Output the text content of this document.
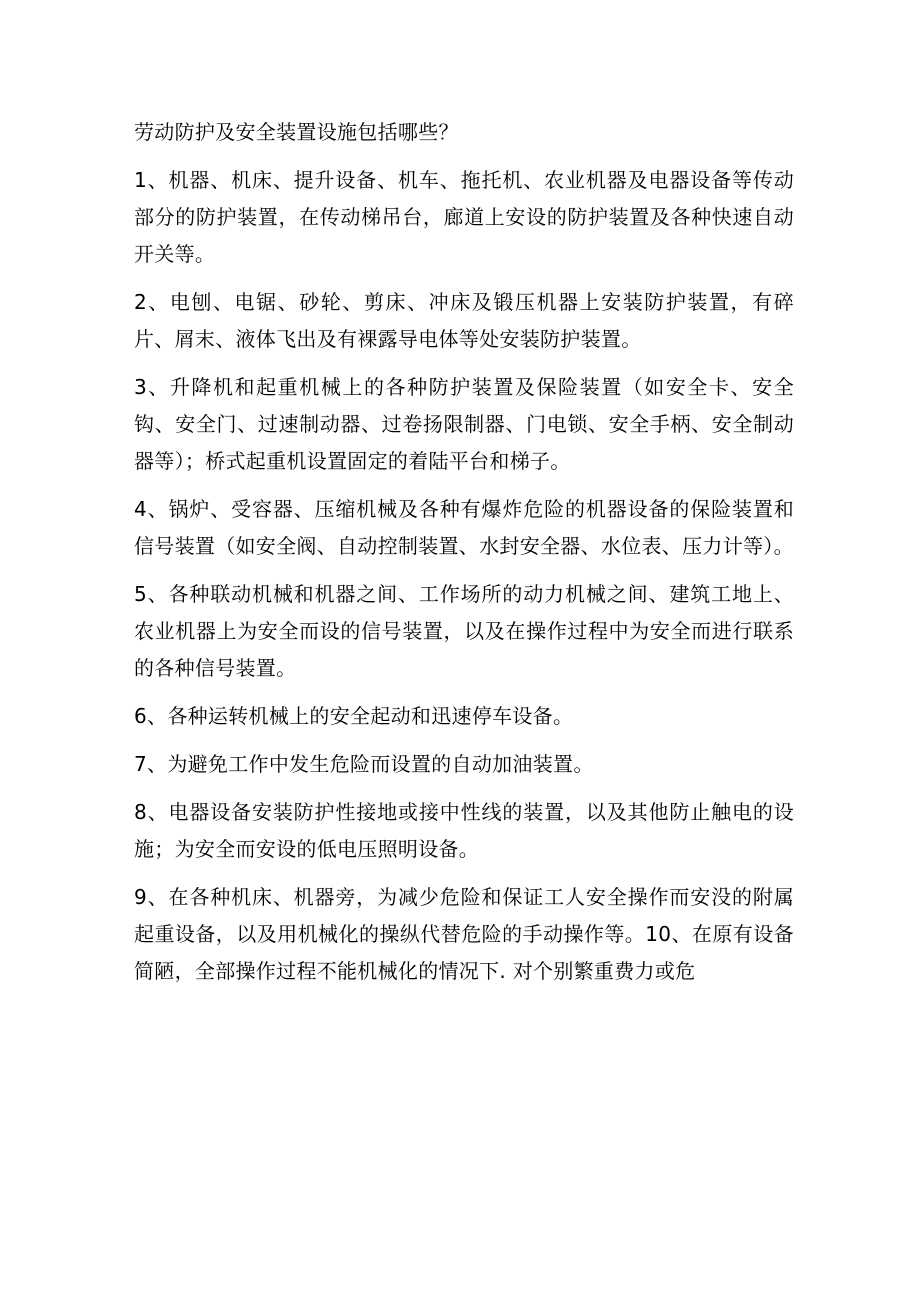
劳动防护及安全装置设施包括哪些？

1、机器、机床、提升设备、机车、拖托机、农业机器及电器设备等传动部分的防护装置，在传动梯吊台，廊道上安设的防护装置及各种快速自动开关等。

2、电刨、电锯、砂轮、剪床、冲床及锻压机器上安装防护装置，有碎片、屑末、液体飞出及有裸露导电体等处安装防护装置。

3、升降机和起重机械上的各种防护装置及保险装置（如安全卡、安全钩、安全门、过速制动器、过卷扬限制器、门电锁、安全手柄、安全制动器等）；桥式起重机设置固定的着陆平台和梯子。

4、锅炉、受容器、压缩机械及各种有爆炸危险的机器设备的保险装置和信号装置（如安全阀、自动控制装置、水封安全器、水位表、压力计等）。

5、各种联动机械和机器之间、工作场所的动力机械之间、建筑工地上、农业机器上为安全而设的信号装置，以及在操作过程中为安全而进行联系的各种信号装置。

6、各种运转机械上的安全起动和迅速停车设备。

7、为避免工作中发生危险而设置的自动加油装置。

8、电器设备安装防护性接地或接中性线的装置，以及其他防止触电的设施；为安全而安设的低电压照明设备。

9、在各种机床、机器旁，为减少危险和保证工人安全操作而安没的附属起重设备，以及用机械化的操纵代替危险的手动操作等。10、在原有设备简陋，全部操作过程不能机械化的情况下. 对个别繁重费力或危
